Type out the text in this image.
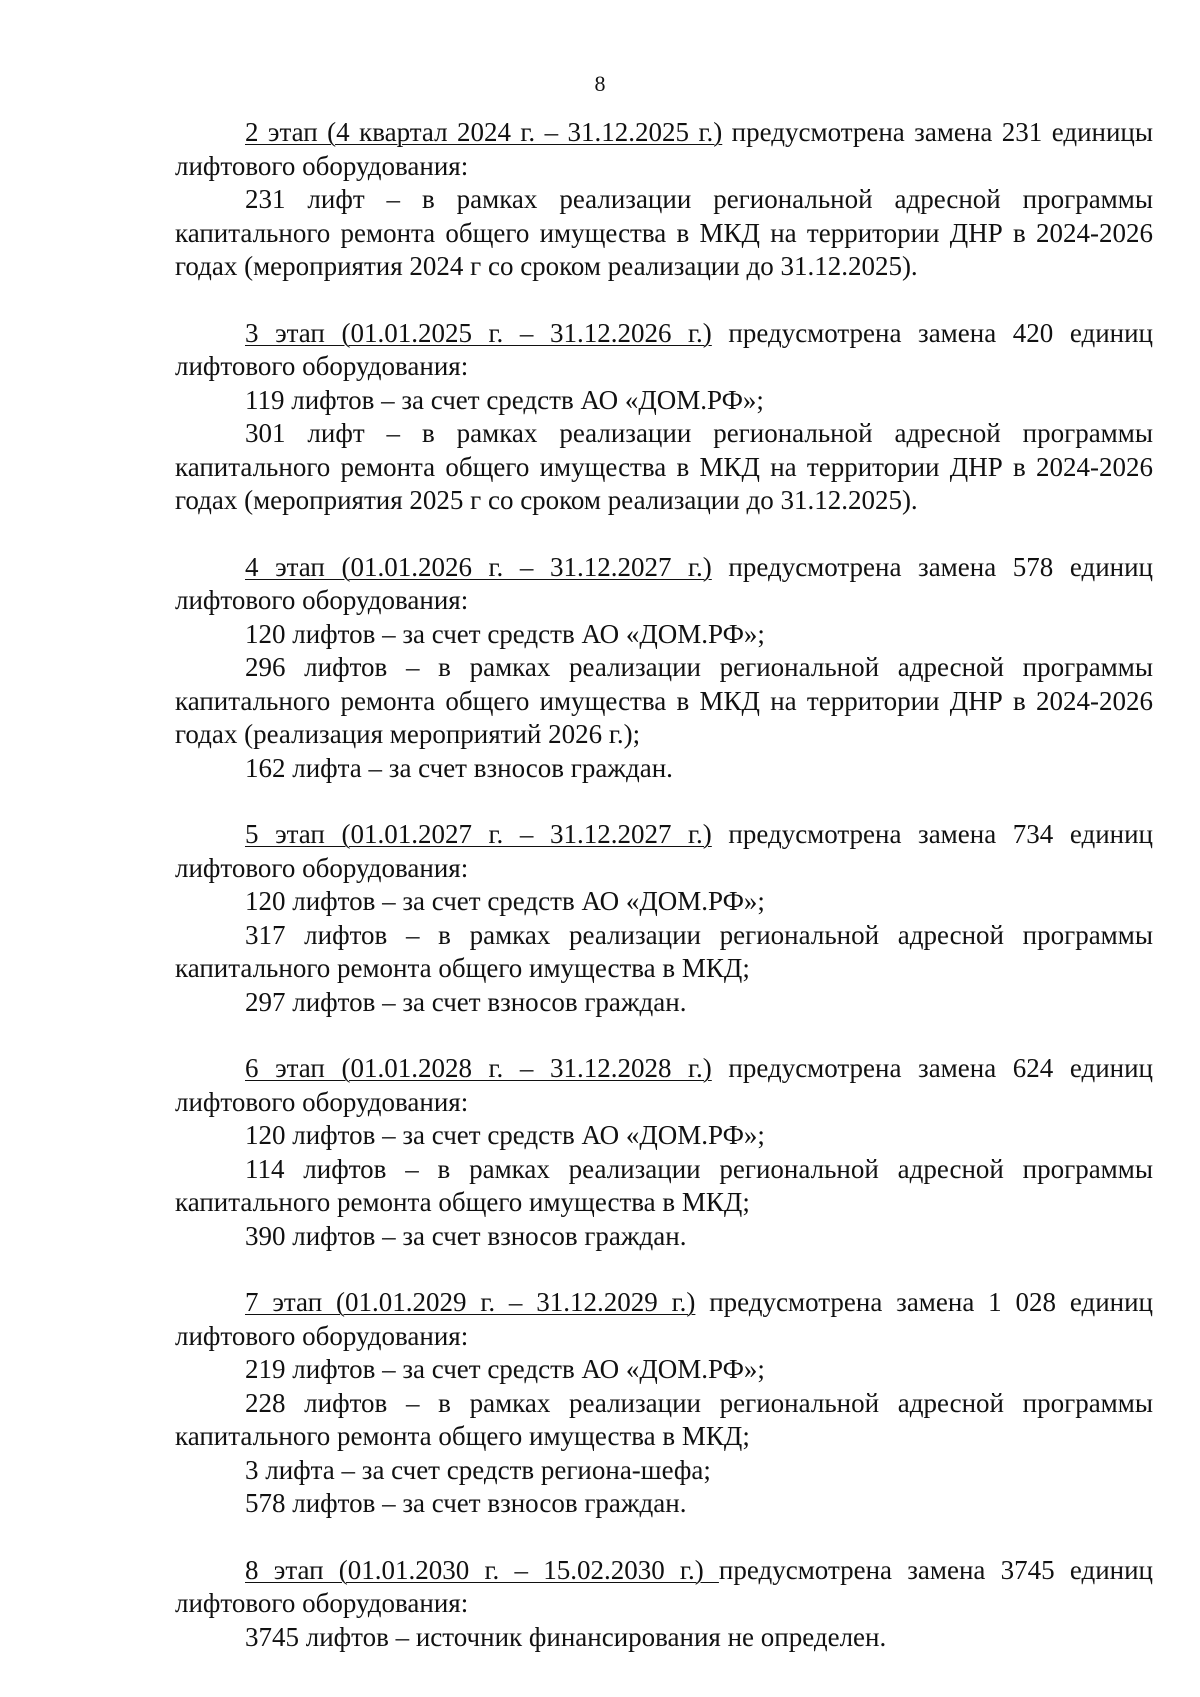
8

2 этап (4 квартал 2024 г. – 31.12.2025 г.) предусмотрена замена 231 единицы лифтового оборудования:

231 лифт – в рамках реализации региональной адресной программы капитального ремонта общего имущества в МКД на территории ДНР в 2024-2026 годах (мероприятия 2024 г со сроком реализации до 31.12.2025).

3 этап (01.01.2025 г. – 31.12.2026 г.) предусмотрена замена 420 единиц лифтового оборудования:

119 лифтов – за счет средств АО «ДОМ.РФ»;

301 лифт – в рамках реализации региональной адресной программы капитального ремонта общего имущества в МКД на территории ДНР в 2024-2026 годах (мероприятия 2025 г со сроком реализации до 31.12.2025).

4 этап (01.01.2026 г. – 31.12.2027 г.) предусмотрена замена 578 единиц лифтового оборудования:

120 лифтов – за счет средств АО «ДОМ.РФ»;

296 лифтов – в рамках реализации региональной адресной программы капитального ремонта общего имущества в МКД на территории ДНР в 2024-2026 годах (реализация мероприятий 2026 г.);

162 лифта – за счет взносов граждан.

5 этап (01.01.2027 г. – 31.12.2027 г.) предусмотрена замена 734 единиц лифтового оборудования:

120 лифтов – за счет средств АО «ДОМ.РФ»;

317 лифтов – в рамках реализации региональной адресной программы капитального ремонта общего имущества в МКД;

297 лифтов – за счет взносов граждан.

6 этап (01.01.2028 г. – 31.12.2028 г.) предусмотрена замена 624 единиц лифтового оборудования:

120 лифтов – за счет средств АО «ДОМ.РФ»;

114 лифтов – в рамках реализации региональной адресной программы капитального ремонта общего имущества в МКД;

390 лифтов – за счет взносов граждан.

7 этап (01.01.2029 г. – 31.12.2029 г.) предусмотрена замена 1 028 единиц лифтового оборудования:

219 лифтов – за счет средств АО «ДОМ.РФ»;

228 лифтов – в рамках реализации региональной адресной программы капитального ремонта общего имущества в МКД;

3 лифта – за счет средств региона-шефа;

578 лифтов – за счет взносов граждан.

8 этап (01.01.2030 г. – 15.02.2030 г.) предусмотрена замена 3745 единиц лифтового оборудования:

3745 лифтов – источник финансирования не определен.
